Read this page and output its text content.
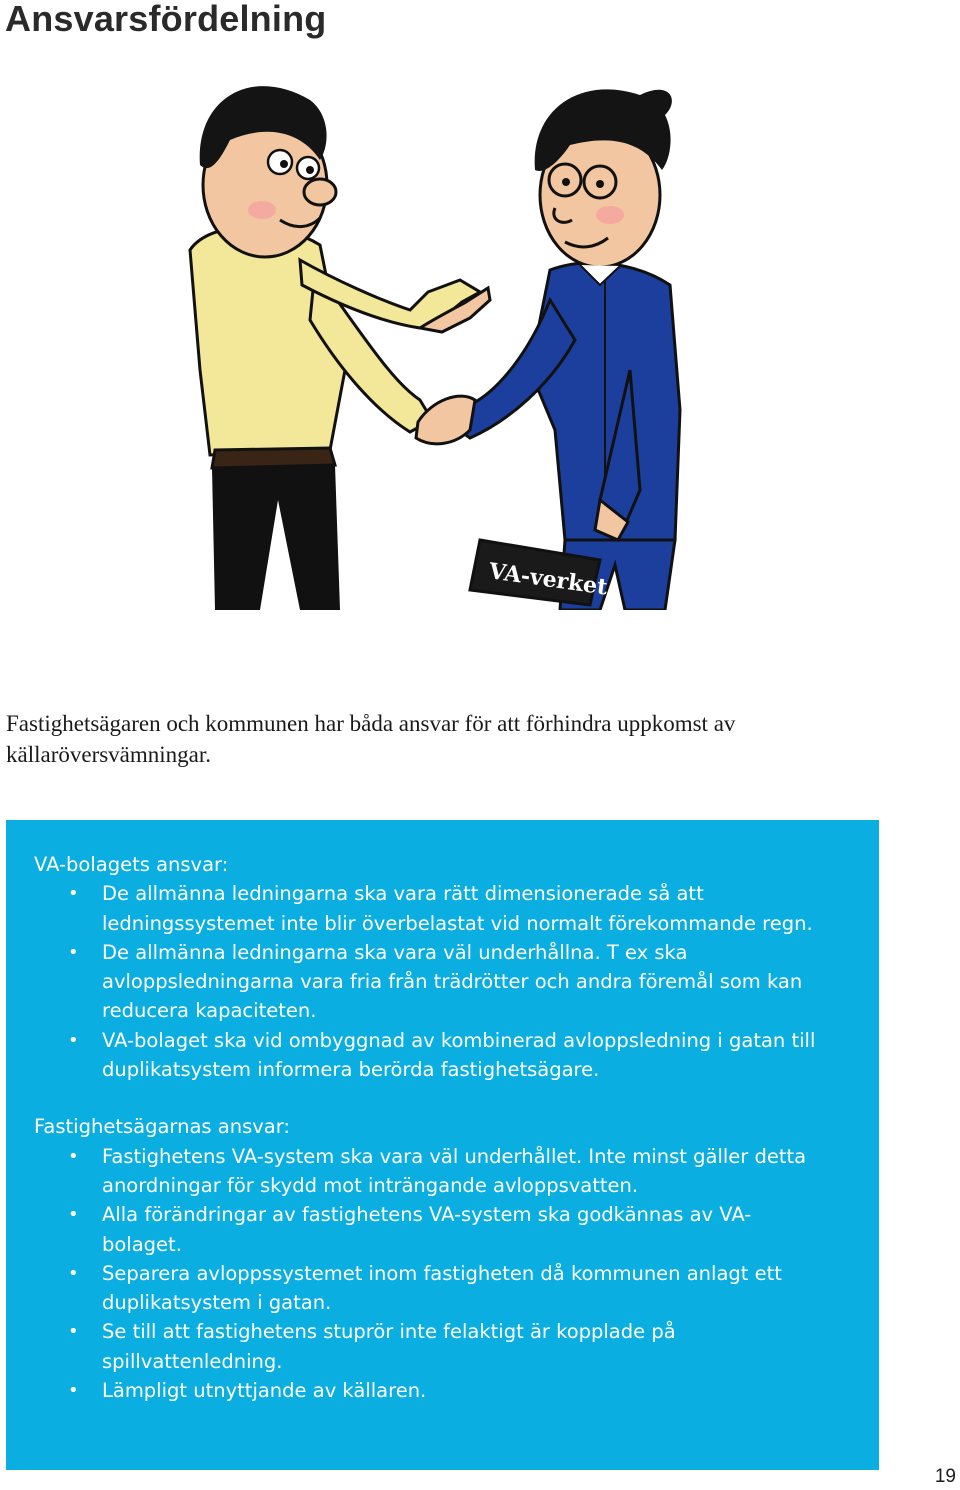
Ansvarsfördelning
VA-verket

Fastighetsägaren och kommunen har båda ansvar för att förhindra uppkomst av källaröversvämningar.

VA-bolagets ansvar:
• De allmänna ledningarna ska vara rätt dimensionerade så att ledningssystemet inte blir överbelastat vid normalt förekommande regn.
• De allmänna ledningarna ska vara väl underhållna. T ex ska avloppsledningarna vara fria från trädrötter och andra föremål som kan reducera kapaciteten.
• VA-bolaget ska vid ombyggnad av kombinerad avloppsledning i gatan till duplikatsystem informera berörda fastighetsägare.
Fastighetsägarnas ansvar:
• Fastighetens VA-system ska vara väl underhållet. Inte minst gäller detta anordningar för skydd mot inträngande avloppsvatten.
• Alla förändringar av fastighetens VA-system ska godkännas av VA-bolaget.
• Separera avloppssystemet inom fastigheten då kommunen anlagt ett duplikatsystem i gatan.
• Se till att fastighetens stuprör inte felaktigt är kopplade på spillvattenledning.
• Lämpligt utnyttjande av källaren.
19
